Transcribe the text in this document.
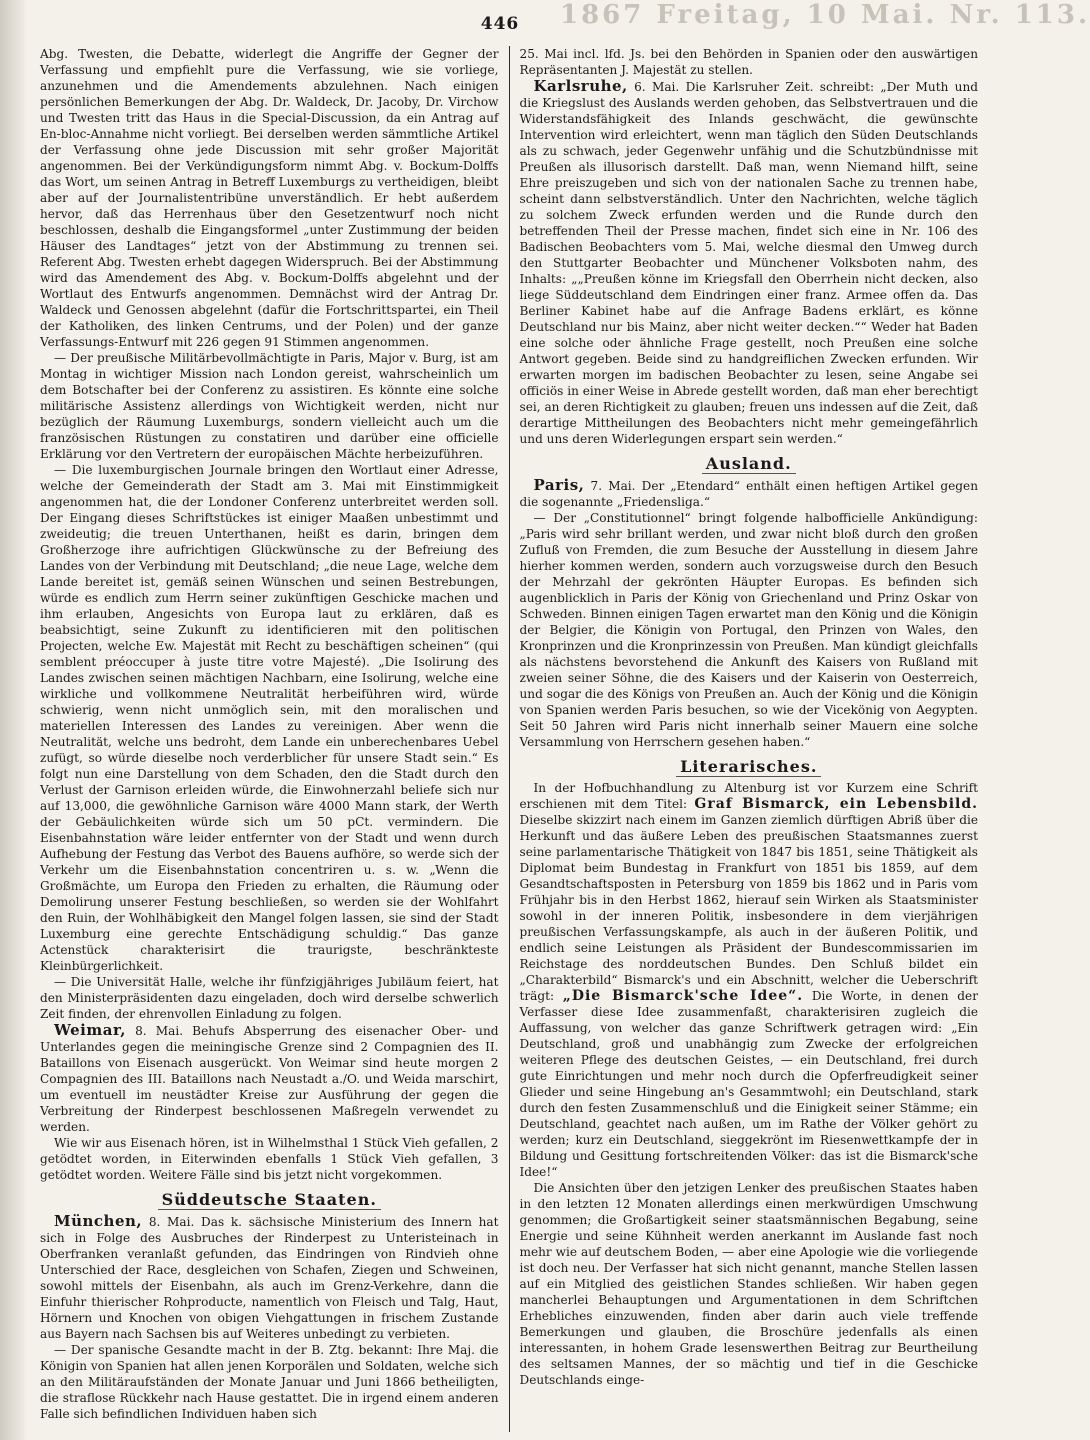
1867 Freitag, 10 Mai. Nr. 113.
446

Abg. Twesten, die Debatte, widerlegt die Angriffe der Gegner der Verfassung und empfiehlt pure die Verfassung, wie sie vorliege, anzunehmen und die Amendements abzulehnen. Nach einigen persönlichen Bemerkungen der Abg. Dr. Waldeck, Dr. Jacoby, Dr. Virchow und Twesten tritt das Haus in die Special-Discussion, da ein Antrag auf En-bloc-Annahme nicht vorliegt. Bei derselben werden sämmtliche Artikel der Verfassung ohne jede Discussion mit sehr großer Majorität angenommen. Bei der Verkündigungsform nimmt Abg. v. Bockum-Dolffs das Wort, um seinen Antrag in Betreff Luxemburgs zu vertheidigen, bleibt aber auf der Journalistentribüne unverständlich. Er hebt außerdem hervor, daß das Herrenhaus über den Gesetzentwurf noch nicht beschlossen, deshalb die Eingangsformel „unter Zustimmung der beiden Häuser des Landtages“ jetzt von der Abstimmung zu trennen sei. Referent Abg. Twesten erhebt dagegen Widerspruch. Bei der Abstimmung wird das Amendement des Abg. v. Bockum-Dolffs abgelehnt und der Wortlaut des Entwurfs angenommen. Demnächst wird der Antrag Dr. Waldeck und Genossen abgelehnt (dafür die Fortschrittspartei, ein Theil der Katholiken, des linken Centrums, und der Polen) und der ganze Verfassungs-Entwurf mit 226 gegen 91 Stimmen angenommen.

— Der preußische Militärbevollmächtigte in Paris, Major v. Burg, ist am Montag in wichtiger Mission nach London gereist, wahrscheinlich um dem Botschafter bei der Conferenz zu assistiren. Es könnte eine solche militärische Assistenz allerdings von Wichtigkeit werden, nicht nur bezüglich der Räumung Luxemburgs, sondern vielleicht auch um die französischen Rüstungen zu constatiren und darüber eine officielle Erklärung vor den Vertretern der europäischen Mächte herbeizuführen.

— Die luxemburgischen Journale bringen den Wortlaut einer Adresse, welche der Gemeinderath der Stadt am 3. Mai mit Einstimmigkeit angenommen hat, die der Londoner Conferenz unterbreitet werden soll. Der Eingang dieses Schriftstückes ist einiger Maaßen unbestimmt und zweideutig; die treuen Unterthanen, heißt es darin, bringen dem Großherzoge ihre aufrichtigen Glückwünsche zu der Befreiung des Landes von der Verbindung mit Deutschland; „die neue Lage, welche dem Lande bereitet ist, gemäß seinen Wünschen und seinen Bestrebungen, würde es endlich zum Herrn seiner zukünftigen Geschicke machen und ihm erlauben, Angesichts von Europa laut zu erklären, daß es beabsichtigt, seine Zukunft zu identificieren mit den politischen Projecten, welche Ew. Majestät mit Recht zu beschäftigen scheinen“ (qui semblent préoccuper à juste titre votre Majesté). „Die Isolirung des Landes zwischen seinen mächtigen Nachbarn, eine Isolirung, welche eine wirkliche und vollkommene Neutralität herbeiführen wird, würde schwierig, wenn nicht unmöglich sein, mit den moralischen und materiellen Interessen des Landes zu vereinigen. Aber wenn die Neutralität, welche uns bedroht, dem Lande ein unberechenbares Uebel zufügt, so würde dieselbe noch verderblicher für unsere Stadt sein.“ Es folgt nun eine Darstellung von dem Schaden, den die Stadt durch den Verlust der Garnison erleiden würde, die Einwohnerzahl beliefe sich nur auf 13,000, die gewöhnliche Garnison wäre 4000 Mann stark, der Werth der Gebäulichkeiten würde sich um 50 pCt. vermindern. Die Eisenbahnstation wäre leider entfernter von der Stadt und wenn durch Aufhebung der Festung das Verbot des Bauens aufhöre, so werde sich der Verkehr um die Eisenbahnstation concentriren u. s. w. „Wenn die Großmächte, um Europa den Frieden zu erhalten, die Räumung oder Demolirung unserer Festung beschließen, so werden sie der Wohlfahrt den Ruin, der Wohlhäbigkeit den Mangel folgen lassen, sie sind der Stadt Luxemburg eine gerechte Entschädigung schuldig.“ Das ganze Actenstück charakterisirt die traurigste, beschränkteste Kleinbürgerlichkeit.

— Die Universität Halle, welche ihr fünfzigjähriges Jubiläum feiert, hat den Ministerpräsidenten dazu eingeladen, doch wird derselbe schwerlich Zeit finden, der ehrenvollen Einladung zu folgen.

Weimar, 8. Mai. Behufs Absperrung des eisenacher Ober- und Unterlandes gegen die meiningische Grenze sind 2 Compagnien des II. Bataillons von Eisenach ausgerückt. Von Weimar sind heute morgen 2 Compagnien des III. Bataillons nach Neustadt a./O. und Weida marschirt, um eventuell im neustädter Kreise zur Ausführung der gegen die Verbreitung der Rinderpest beschlossenen Maßregeln verwendet zu werden.

Wie wir aus Eisenach hören, ist in Wilhelmsthal 1 Stück Vieh gefallen, 2 getödtet worden, in Eiterwinden ebenfalls 1 Stück Vieh gefallen, 3 getödtet worden. Weitere Fälle sind bis jetzt nicht vorgekommen.

Süddeutsche Staaten.

München, 8. Mai. Das k. sächsische Ministerium des Innern hat sich in Folge des Ausbruches der Rinderpest zu Unteristeinach in Oberfranken veranlaßt gefunden, das Eindringen von Rindvieh ohne Unterschied der Race, desgleichen von Schafen, Ziegen und Schweinen, sowohl mittels der Eisenbahn, als auch im Grenz-Verkehre, dann die Einfuhr thierischer Rohproducte, namentlich von Fleisch und Talg, Haut, Hörnern und Knochen von obigen Viehgattungen in frischem Zustande aus Bayern nach Sachsen bis auf Weiteres unbedingt zu verbieten.

— Der spanische Gesandte macht in der B. Ztg. bekannt: Ihre Maj. die Königin von Spanien hat allen jenen Korporälen und Soldaten, welche sich an den Militäraufständen der Monate Januar und Juni 1866 betheiligten, die straflose Rückkehr nach Hause gestattet. Die in irgend einem anderen Falle sich befindlichen Individuen haben sich

25. Mai incl. lfd. Js. bei den Behörden in Spanien oder den auswärtigen Repräsentanten J. Majestät zu stellen.

Karlsruhe, 6. Mai. Die Karlsruher Zeit. schreibt: „Der Muth und die Kriegslust des Auslands werden gehoben, das Selbstvertrauen und die Widerstandsfähigkeit des Inlands geschwächt, die gewünschte Intervention wird erleichtert, wenn man täglich den Süden Deutschlands als zu schwach, jeder Gegenwehr unfähig und die Schutzbündnisse mit Preußen als illusorisch darstellt. Daß man, wenn Niemand hilft, seine Ehre preiszugeben und sich von der nationalen Sache zu trennen habe, scheint dann selbstverständlich. Unter den Nachrichten, welche täglich zu solchem Zweck erfunden werden und die Runde durch den betreffenden Theil der Presse machen, findet sich eine in Nr. 106 des Badischen Beobachters vom 5. Mai, welche diesmal den Umweg durch den Stuttgarter Beobachter und Münchener Volksboten nahm, des Inhalts: „„Preußen könne im Kriegsfall den Oberrhein nicht decken, also liege Süddeutschland dem Eindringen einer franz. Armee offen da. Das Berliner Kabinet habe auf die Anfrage Badens erklärt, es könne Deutschland nur bis Mainz, aber nicht weiter decken.““ Weder hat Baden eine solche oder ähnliche Frage gestellt, noch Preußen eine solche Antwort gegeben. Beide sind zu handgreiflichen Zwecken erfunden. Wir erwarten morgen im badischen Beobachter zu lesen, seine Angabe sei officiös in einer Weise in Abrede gestellt worden, daß man eher berechtigt sei, an deren Richtigkeit zu glauben; freuen uns indessen auf die Zeit, daß derartige Mittheilungen des Beobachters nicht mehr gemeingefährlich und uns deren Widerlegungen erspart sein werden.“

Ausland.

Paris, 7. Mai. Der „Etendard“ enthält einen heftigen Artikel gegen die sogenannte „Friedensliga.“

— Der „Constitutionnel“ bringt folgende halbofficielle Ankündigung: „Paris wird sehr brillant werden, und zwar nicht bloß durch den großen Zufluß von Fremden, die zum Besuche der Ausstellung in diesem Jahre hierher kommen werden, sondern auch vorzugsweise durch den Besuch der Mehrzahl der gekrönten Häupter Europas. Es befinden sich augenblicklich in Paris der König von Griechenland und Prinz Oskar von Schweden. Binnen einigen Tagen erwartet man den König und die Königin der Belgier, die Königin von Portugal, den Prinzen von Wales, den Kronprinzen und die Kronprinzessin von Preußen. Man kündigt gleichfalls als nächstens bevorstehend die Ankunft des Kaisers von Rußland mit zweien seiner Söhne, die des Kaisers und der Kaiserin von Oesterreich, und sogar die des Königs von Preußen an. Auch der König und die Königin von Spanien werden Paris besuchen, so wie der Vicekönig von Aegypten. Seit 50 Jahren wird Paris nicht innerhalb seiner Mauern eine solche Versammlung von Herrschern gesehen haben.“

Literarisches.

In der Hofbuchhandlung zu Altenburg ist vor Kurzem eine Schrift erschienen mit dem Titel: Graf Bismarck, ein Lebensbild. Dieselbe skizzirt nach einem im Ganzen ziemlich dürftigen Abriß über die Herkunft und das äußere Leben des preußischen Staatsmannes zuerst seine parlamentarische Thätigkeit von 1847 bis 1851, seine Thätigkeit als Diplomat beim Bundestag in Frankfurt von 1851 bis 1859, auf dem Gesandtschaftsposten in Petersburg von 1859 bis 1862 und in Paris vom Frühjahr bis in den Herbst 1862, hierauf sein Wirken als Staatsminister sowohl in der inneren Politik, insbesondere in dem vierjährigen preußischen Verfassungskampfe, als auch in der äußeren Politik, und endlich seine Leistungen als Präsident der Bundescommissarien im Reichstage des norddeutschen Bundes. Den Schluß bildet ein „Charakterbild“ Bismarck's und ein Abschnitt, welcher die Ueberschrift trägt: „Die Bismarck'sche Idee“. Die Worte, in denen der Verfasser diese Idee zusammenfaßt, charakterisiren zugleich die Auffassung, von welcher das ganze Schriftwerk getragen wird: „Ein Deutschland, groß und unabhängig zum Zwecke der erfolgreichen weiteren Pflege des deutschen Geistes, — ein Deutschland, frei durch gute Einrichtungen und mehr noch durch die Opferfreudigkeit seiner Glieder und seine Hingebung an's Gesammtwohl; ein Deutschland, stark durch den festen Zusammenschluß und die Einigkeit seiner Stämme; ein Deutschland, geachtet nach außen, um im Rathe der Völker gehört zu werden; kurz ein Deutschland, sieggekrönt im Riesenwettkampfe der in Bildung und Gesittung fortschreitenden Völker: das ist die Bismarck'sche Idee!“

Die Ansichten über den jetzigen Lenker des preußischen Staates haben in den letzten 12 Monaten allerdings einen merkwürdigen Umschwung genommen; die Großartigkeit seiner staatsmännischen Begabung, seine Energie und seine Kühnheit werden anerkannt im Auslande fast noch mehr wie auf deutschem Boden, — aber eine Apologie wie die vorliegende ist doch neu. Der Verfasser hat sich nicht genannt, manche Stellen lassen auf ein Mitglied des geistlichen Standes schließen. Wir haben gegen mancherlei Behauptungen und Argumentationen in dem Schriftchen Erhebliches einzuwenden, finden aber darin auch viele treffende Bemerkungen und glauben, die Broschüre jedenfalls als einen interessanten, in hohem Grade lesenswerthen Beitrag zur Beurtheilung des seltsamen Mannes, der so mächtig und tief in die Geschicke Deutschlands einge-
